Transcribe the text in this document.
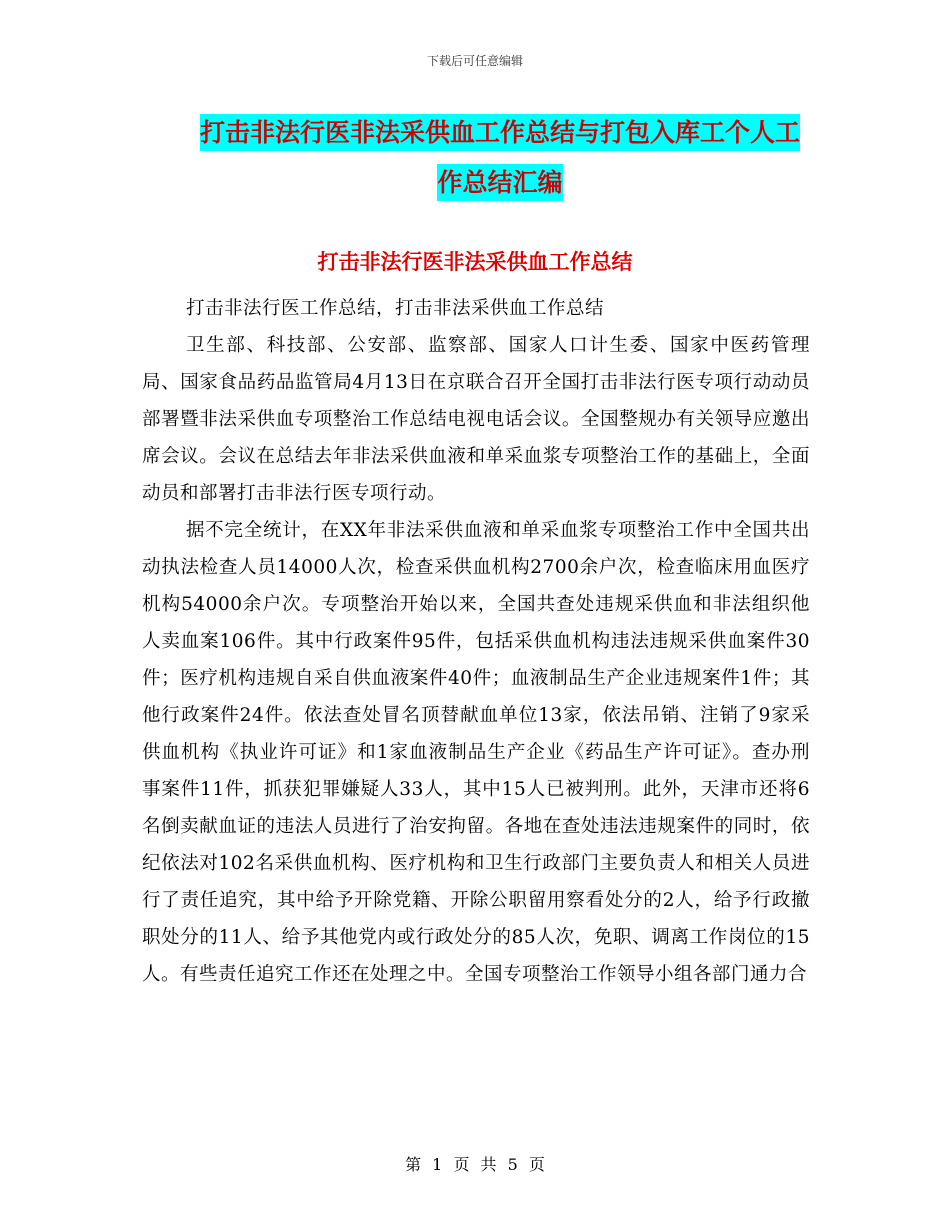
下载后可任意编辑
打击非法行医非法采供血工作总结与打包入库工个人工作总结汇编
打击非法行医非法采供血工作总结

打击非法行医工作总结，打击非法采供血工作总结

卫生部、科技部、公安部、监察部、国家人口计生委、国家中医药管理局、国家食品药品监管局4月13日在京联合召开全国打击非法行医专项行动动员部署暨非法采供血专项整治工作总结电视电话会议。全国整规办有关领导应邀出席会议。会议在总结去年非法采供血液和单采血浆专项整治工作的基础上，全面动员和部署打击非法行医专项行动。

据不完全统计，在XX年非法采供血液和单采血浆专项整治工作中全国共出动执法检查人员14000人次，检查采供血机构2700余户次，检查临床用血医疗机构54000余户次。专项整治开始以来，全国共查处违规采供血和非法组织他人卖血案106件。其中行政案件95件，包括采供血机构违法违规采供血案件30件；医疗机构违规自采自供血液案件40件；血液制品生产企业违规案件1件；其他行政案件24件。依法查处冒名顶替献血单位13家，依法吊销、注销了9家采供血机构《执业许可证》和1家血液制品生产企业《药品生产许可证》。查办刑事案件11件，抓获犯罪嫌疑人33人，其中15人已被判刑。此外，天津市还将6名倒卖献血证的违法人员进行了治安拘留。各地在查处违法违规案件的同时，依纪依法对102名采供血机构、医疗机构和卫生行政部门主要负责人和相关人员进行了责任追究，其中给予开除党籍、开除公职留用察看处分的2人，给予行政撤职处分的11人、给予其他党内或行政处分的85人次，免职、调离工作岗位的15人。有些责任追究工作还在处理之中。全国专项整治工作领导小组各部门通力合

第 1 页 共 5 页
